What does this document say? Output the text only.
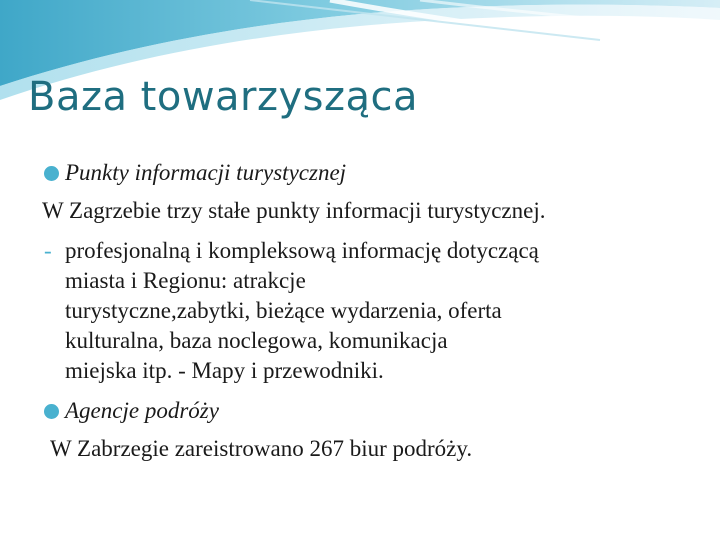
Baza towarzysząca
Punkty informacji turystycznej
W Zagrzebie trzy stałe punkty informacji turystycznej.
- profesjonalną i kompleksową informację dotyczącą
miasta i Regionu: atrakcje
turystyczne,zabytki, bieżące wydarzenia, oferta
kulturalna, baza noclegowa, komunikacja
miejska itp. - Mapy i przewodniki.
Agencje podróży
W Zabrzegie zareistrowano 267 biur podróży.
